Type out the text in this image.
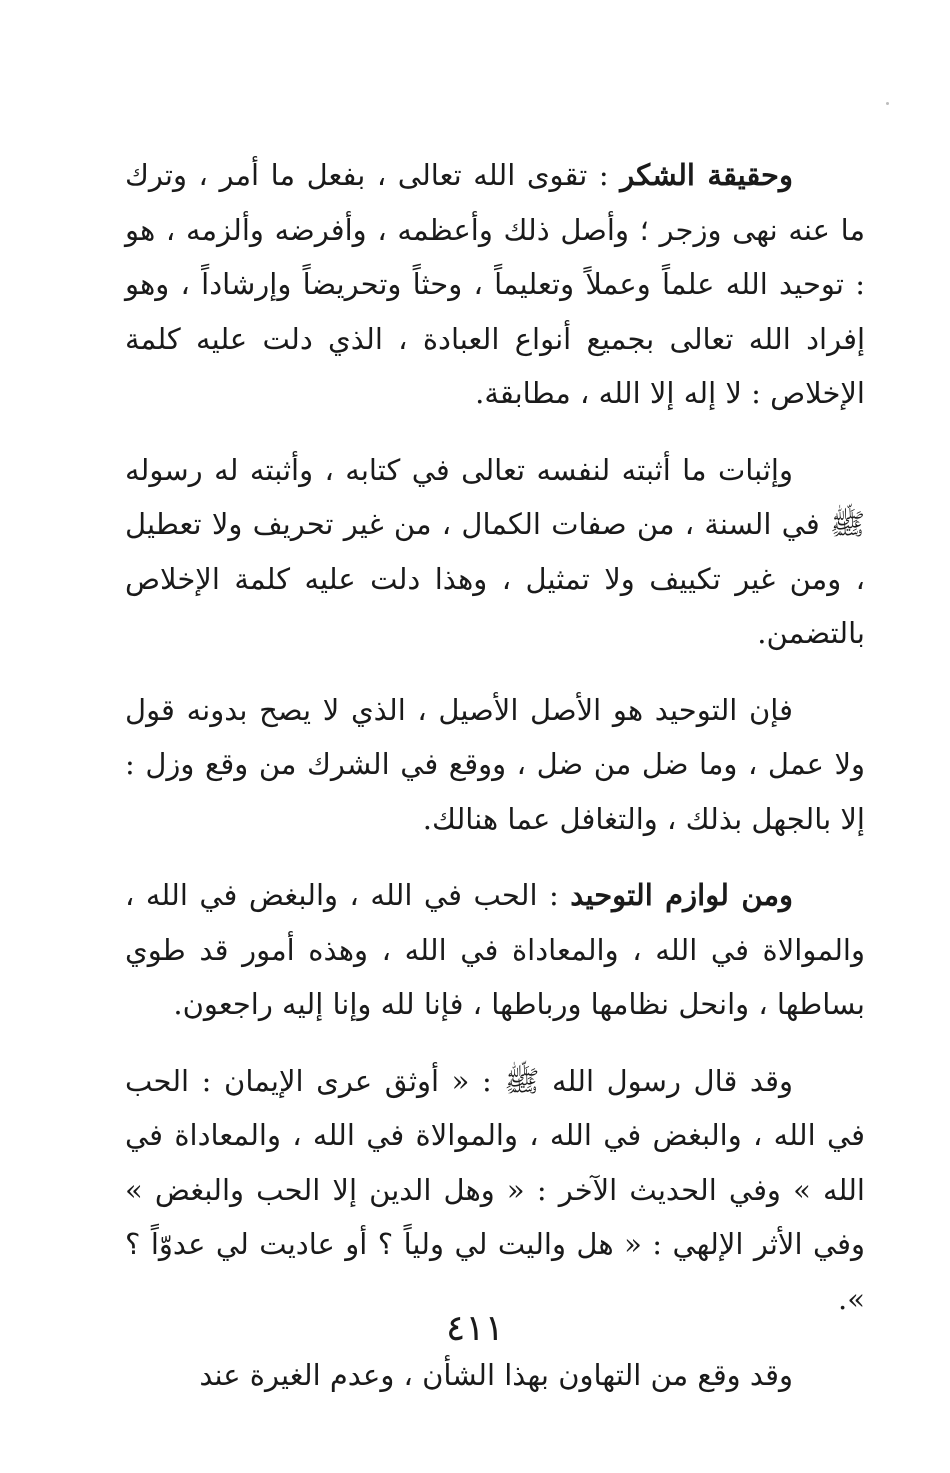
وحقيقة الشكر : تقوى الله تعالى ، بفعل ما أمر ، وترك ما عنه نهى وزجر ؛ وأصل ذلك وأعظمه ، وأفرضه وألزمه ، هو : توحيد الله علماً وعملاً وتعليماً ، وحثاً وتحريضاً وإرشاداً ، وهو إفراد الله تعالى بجميع أنواع العبادة ، الذي دلت عليه كلمة الإخلاص : لا إله إلا الله ، مطابقة.

وإثبات ما أثبته لنفسه تعالى في كتابه ، وأثبته له رسوله ﷺ في السنة ، من صفات الكمال ، من غير تحريف ولا تعطيل ، ومن غير تكييف ولا تمثيل ، وهذا دلت عليه كلمة الإخلاص بالتضمن.

فإن التوحيد هو الأصل الأصيل ، الذي لا يصح بدونه قول ولا عمل ، وما ضل من ضل ، ووقع في الشرك من وقع وزل : إلا بالجهل بذلك ، والتغافل عما هنالك.

ومن لوازم التوحيد : الحب في الله ، والبغض في الله ، والموالاة في الله ، والمعاداة في الله ، وهذه أمور قد طوي بساطها ، وانحل نظامها ورباطها ، فإنا لله وإنا إليه راجعون.

وقد قال رسول الله ﷺ : « أوثق عرى الإيمان : الحب في الله ، والبغض في الله ، والموالاة في الله ، والمعاداة في الله » وفي الحديث الآخر : « وهل الدين إلا الحب والبغض » وفي الأثر الإلهي : « هل واليت لي ولياً ؟ أو عاديت لي عدوّاً ؟ ».

وقد وقع من التهاون بهذا الشأن ، وعدم الغيرة عند

٤١١
